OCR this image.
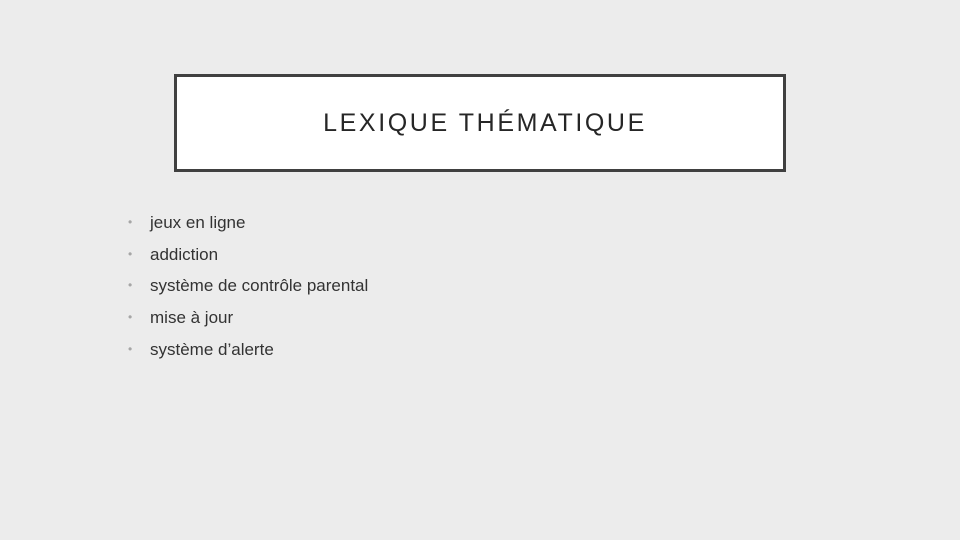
LEXIQUE THÉMATIQUE
•	jeux en ligne
•	addiction
•	système de contrôle parental
•	mise à jour
•	système d’alerte
